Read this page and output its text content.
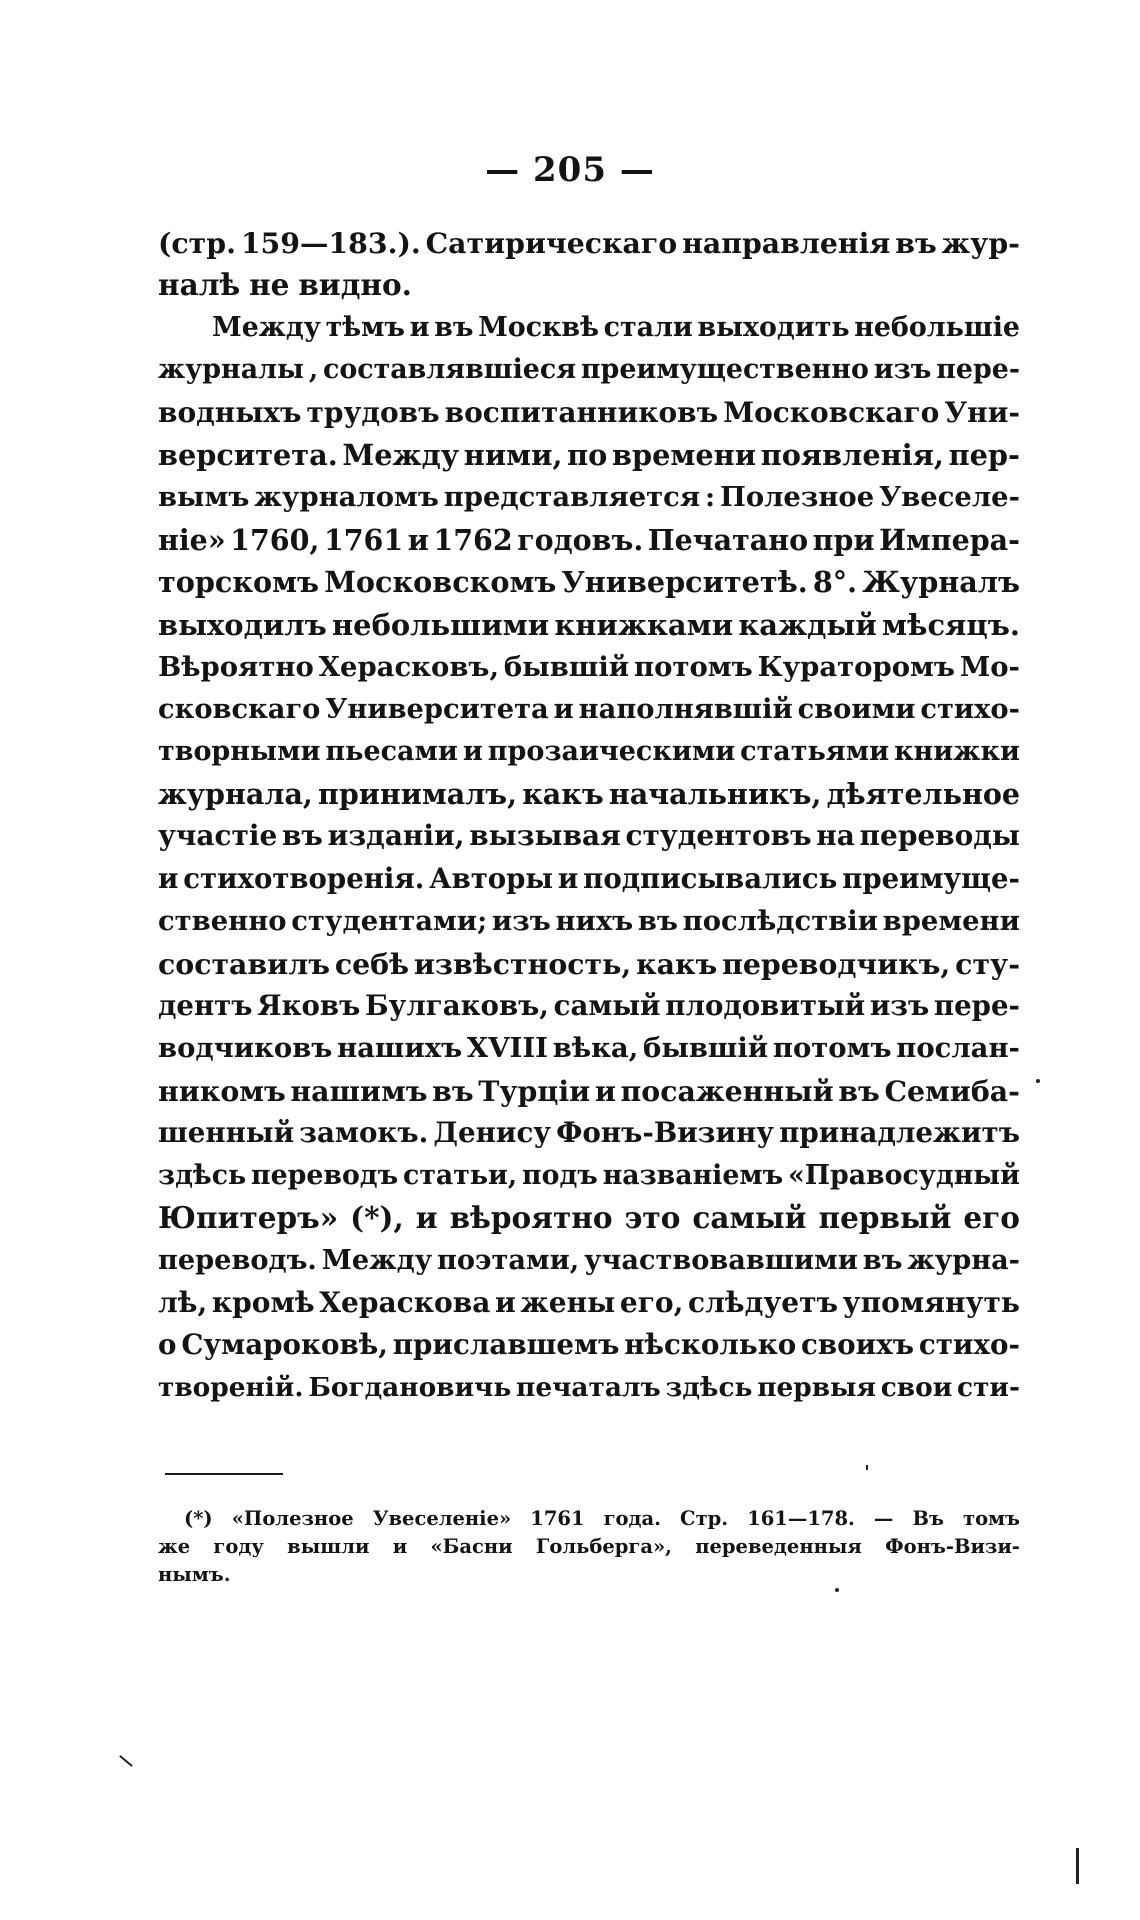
— 205 —
(стр. 159—183.). Сатирическаго направленія въ жур-
налѣ не видно.
Между тѣмъ и въ Москвѣ стали выходить небольшіе
журналы , составлявшіеся преимущественно изъ пере-
водныхъ трудовъ воспитанниковъ Московскаго Уни-
верситета. Между ними, по времени появленія, пер-
вымъ журналомъ представляется : Полезное Увеселе-
ніе» 1760, 1761 и 1762 годовъ. Печатано при Импера-
торскомъ Московскомъ Университетѣ. 8°. Журналъ
выходилъ небольшими книжками каждый мѣсяцъ.
Вѣроятно Херасковъ, бывшій потомъ Кураторомъ Мо-
сковскаго Университета и наполнявшій своими стихо-
творными пьесами и прозаическими статьями книжки
журнала, принималъ, какъ начальникъ, дѣятельное
участіе въ изданіи, вызывая студентовъ на переводы
и стихотворенія. Авторы и подписывались преимуще-
ственно студентами; изъ нихъ въ послѣдствіи времени
составилъ себѣ извѣстность, какъ переводчикъ, сту-
дентъ Яковъ Булгаковъ, самый плодовитый изъ пере-
водчиковъ нашихъ XVIII вѣка, бывшій потомъ послан-
никомъ нашимъ въ Турціи и посаженный въ Семиба-
шенный замокъ. Денису Фонъ-Визину принадлежитъ
здѣсь переводъ статьи, подъ названіемъ «Правосудный
Юпитеръ» (*), и вѣроятно это самый первый его
переводъ. Между поэтами, участвовавшими въ журна-
лѣ, кромѣ Хераскова и жены его, слѣдуетъ упомянуть
о Сумароковѣ, приславшемъ нѣсколько своихъ стихо-
твореній. Богдановичь печаталъ здѣсь первыя свои сти-
(*) «Полезное Увеселеніе» 1761 года. Стр. 161—178. — Въ томъ
же году вышли и «Басни Гольберга», переведенныя Фонъ-Визи-
нымъ.
